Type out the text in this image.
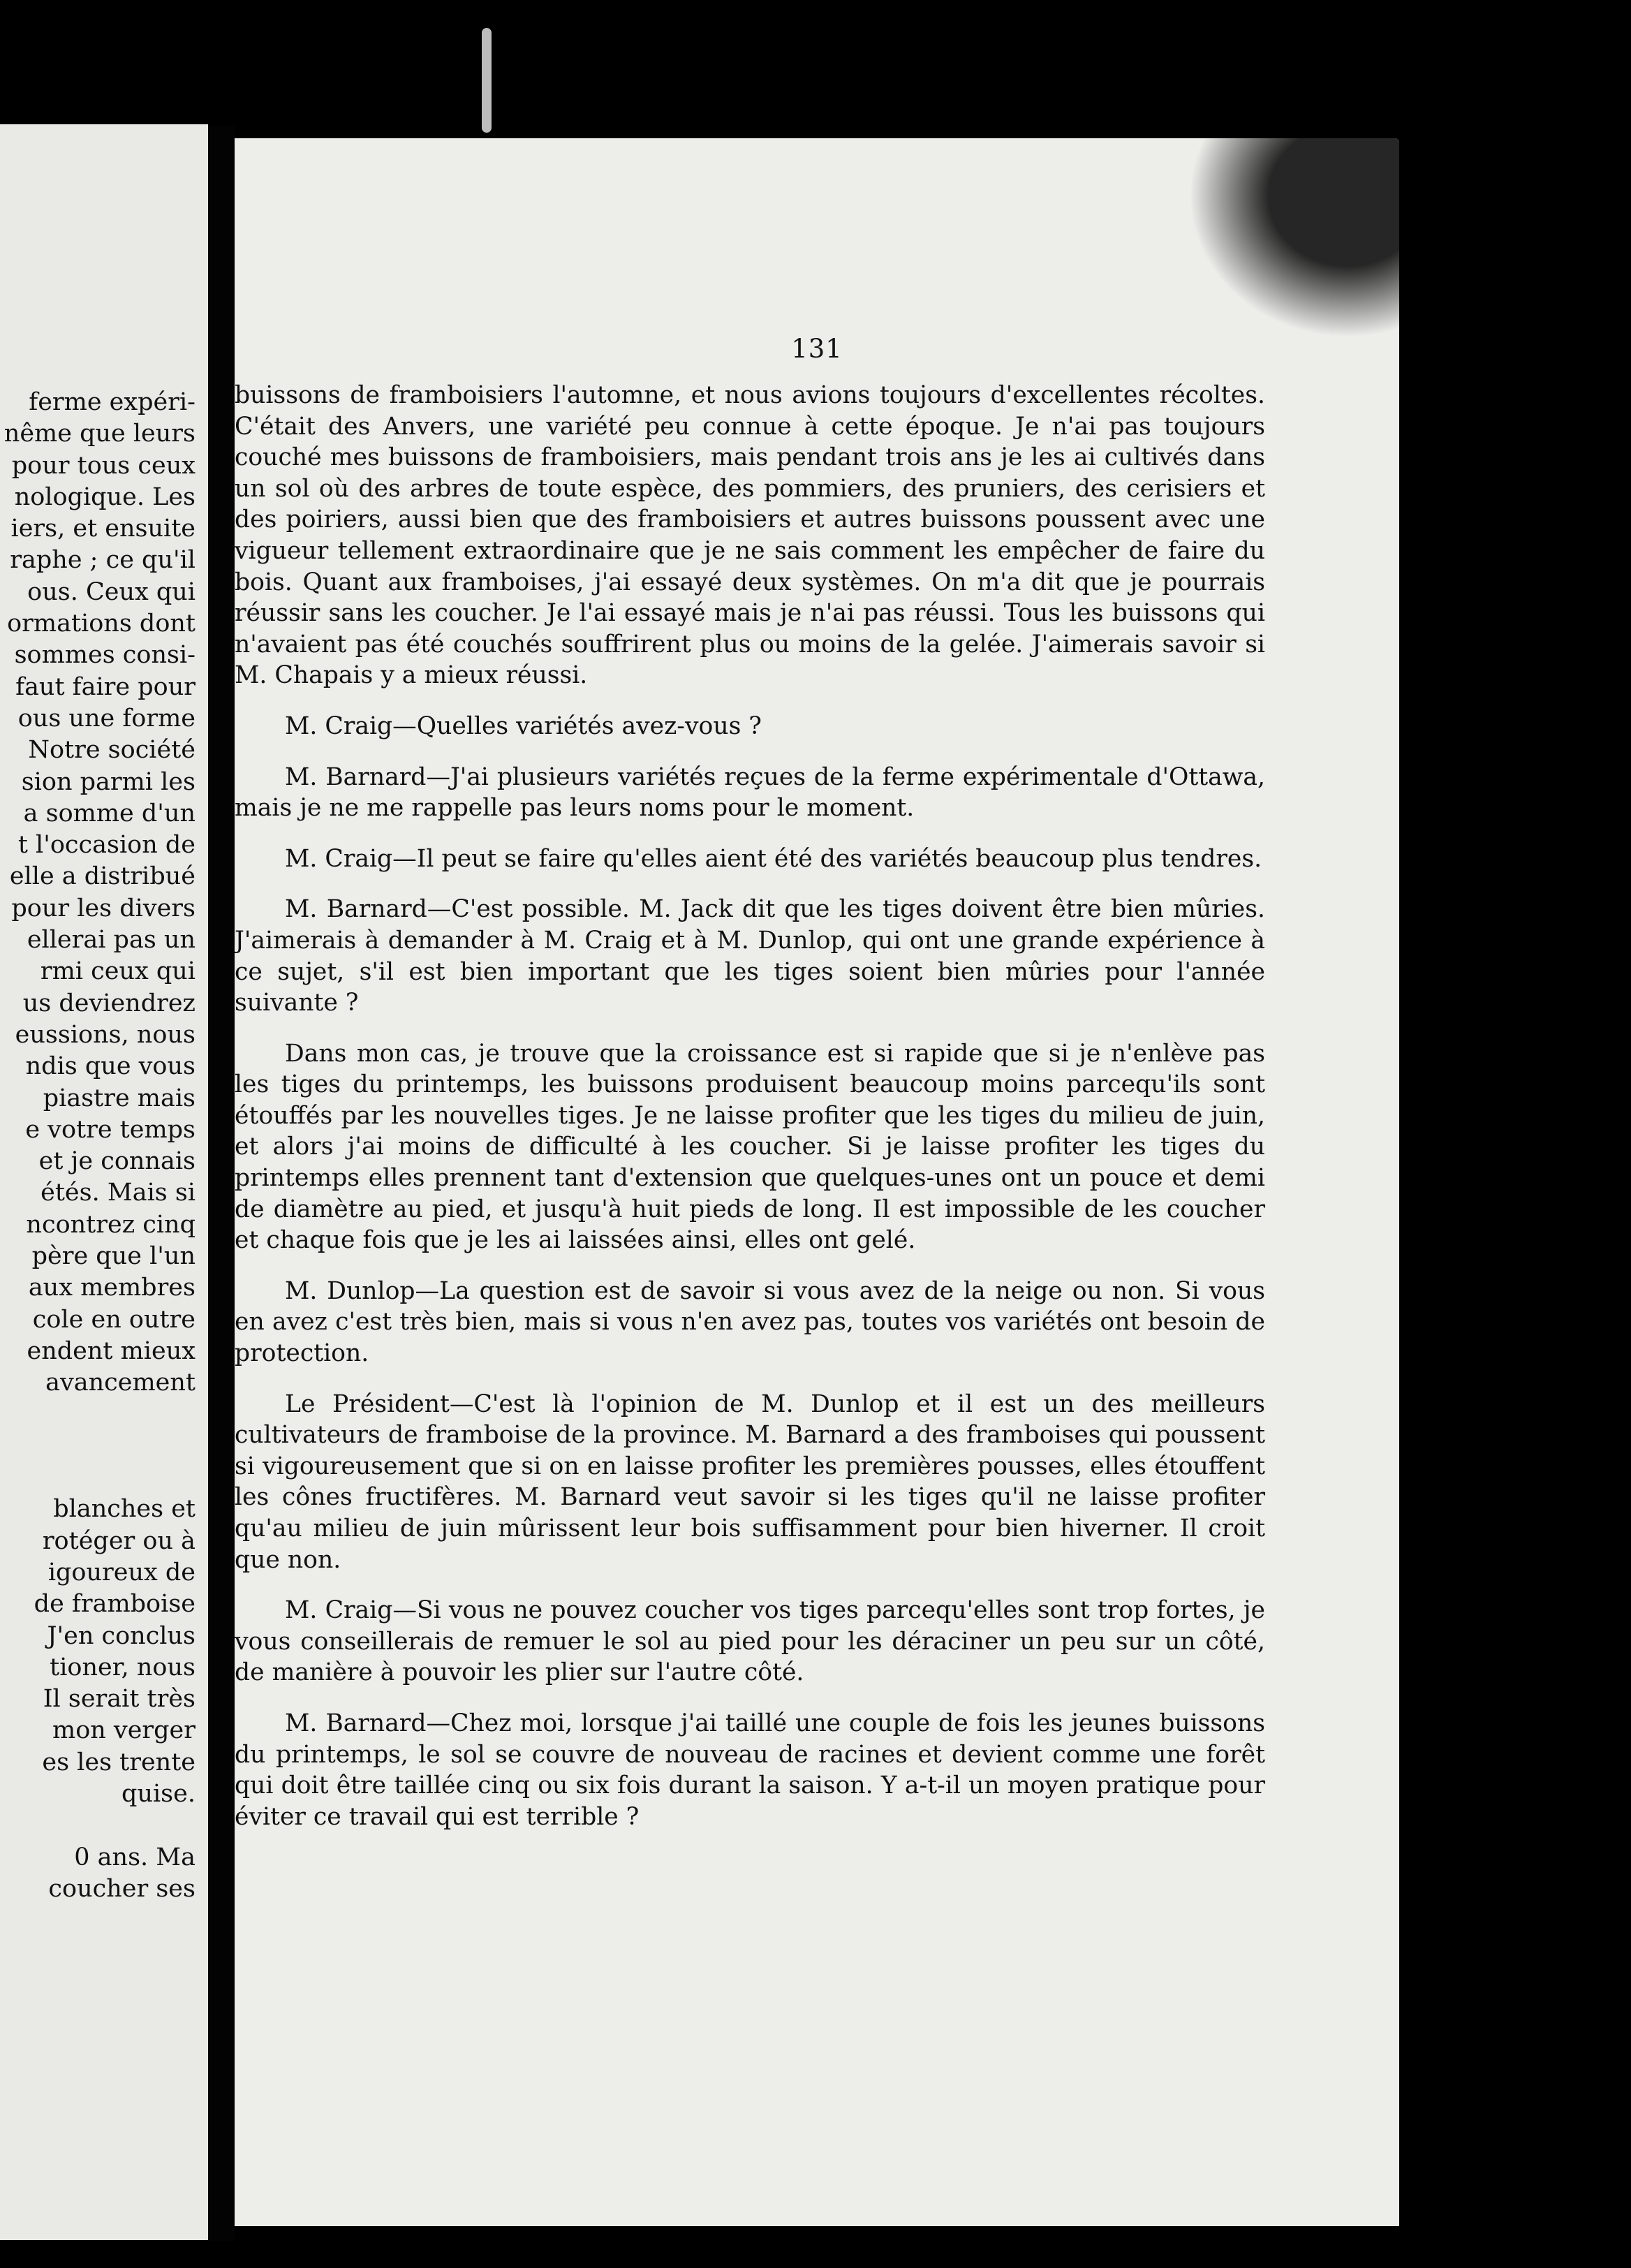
ferme expéri-
nême que leurs
pour tous ceux
nologique. Les
iers, et ensuite
raphe ; ce qu'il
ous. Ceux qui
ormations dont
sommes consi-
faut faire pour
ous une forme
Notre société
sion parmi les
a somme d'un
t l'occasion de
elle a distribué
pour les divers
ellerai pas un
rmi ceux qui
us deviendrez
eussions, nous
ndis que vous
piastre mais
e votre temps
et je connais
étés. Mais si
ncontrez cinq
père que l'un
aux membres
cole en outre
endent mieux
avancement
blanches et
rotéger ou à
igoureux de
de framboise
J'en conclus
tioner, nous
Il serait très
mon verger
es les trente
quise.
0 ans. Ma
coucher ses
131

buissons de framboisiers l'automne, et nous avions toujours d'excellentes récoltes. C'était des Anvers, une variété peu connue à cette époque. Je n'ai pas toujours couché mes buissons de framboisiers, mais pendant trois ans je les ai cultivés dans un sol où des arbres de toute espèce, des pommiers, des pruniers, des cerisiers et des poiriers, aussi bien que des framboisiers et autres buissons poussent avec une vigueur tellement extraordinaire que je ne sais comment les empêcher de faire du bois. Quant aux framboises, j'ai essayé deux systèmes. On m'a dit que je pourrais réussir sans les coucher. Je l'ai essayé mais je n'ai pas réussi. Tous les buissons qui n'avaient pas été couchés souffrirent plus ou moins de la gelée. J'aimerais savoir si M. Chapais y a mieux réussi.

M. Craig—Quelles variétés avez-vous ?

M. Barnard—J'ai plusieurs variétés reçues de la ferme expérimentale d'Ottawa, mais je ne me rappelle pas leurs noms pour le moment.

M. Craig—Il peut se faire qu'elles aient été des variétés beaucoup plus tendres.

M. Barnard—C'est possible. M. Jack dit que les tiges doivent être bien mûries. J'aimerais à demander à M. Craig et à M. Dunlop, qui ont une grande expérience à ce sujet, s'il est bien important que les tiges soient bien mûries pour l'année suivante ?

Dans mon cas, je trouve que la croissance est si rapide que si je n'enlève pas les tiges du printemps, les buissons produisent beaucoup moins parcequ'ils sont étouffés par les nouvelles tiges. Je ne laisse profiter que les tiges du milieu de juin, et alors j'ai moins de difficulté à les coucher. Si je laisse profiter les tiges du printemps elles prennent tant d'extension que quelques-unes ont un pouce et demi de diamètre au pied, et jusqu'à huit pieds de long. Il est impossible de les coucher et chaque fois que je les ai laissées ainsi, elles ont gelé.

M. Dunlop—La question est de savoir si vous avez de la neige ou non. Si vous en avez c'est très bien, mais si vous n'en avez pas, toutes vos variétés ont besoin de protection.

Le Président—C'est là l'opinion de M. Dunlop et il est un des meilleurs cultivateurs de framboise de la province. M. Barnard a des framboises qui poussent si vigoureusement que si on en laisse profiter les premières pousses, elles étouffent les cônes fructifères. M. Barnard veut savoir si les tiges qu'il ne laisse profiter qu'au milieu de juin mûrissent leur bois suffisamment pour bien hiverner. Il croit que non.

M. Craig—Si vous ne pouvez coucher vos tiges parcequ'elles sont trop fortes, je vous conseillerais de remuer le sol au pied pour les déraciner un peu sur un côté, de manière à pouvoir les plier sur l'autre côté.

M. Barnard—Chez moi, lorsque j'ai taillé une couple de fois les jeunes buissons du printemps, le sol se couvre de nouveau de racines et devient comme une forêt qui doit être taillée cinq ou six fois durant la saison. Y a-t-il un moyen pratique pour éviter ce travail qui est terrible ?
